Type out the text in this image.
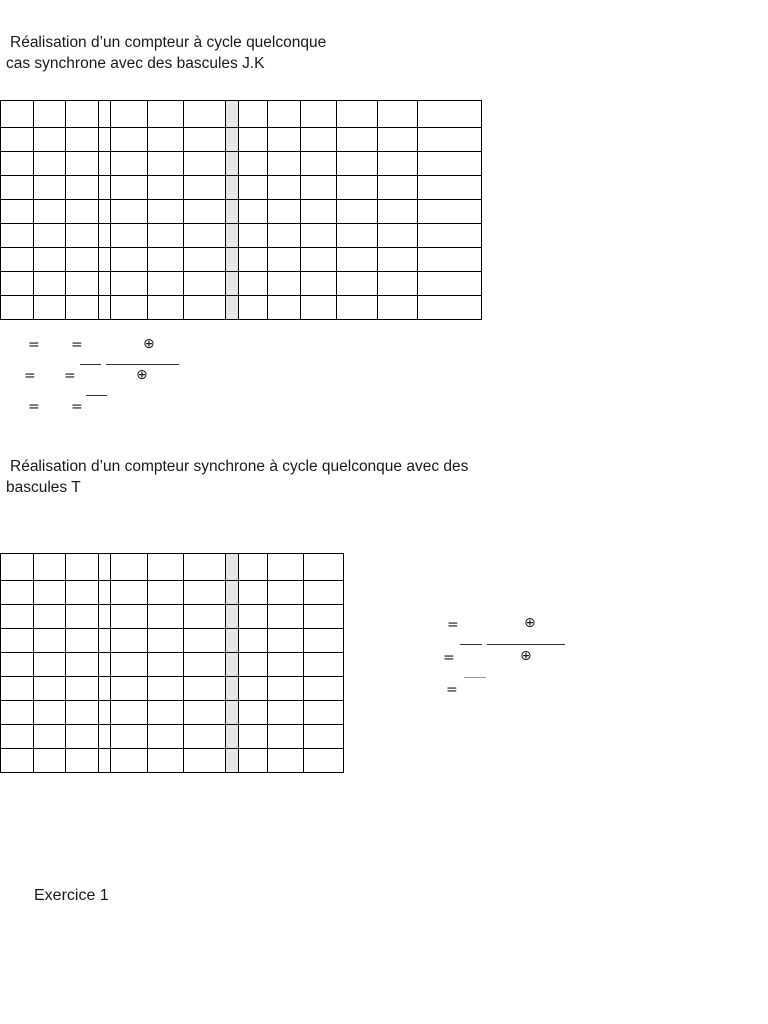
Réalisation d’un compteur à cycle quelconque
cas synchrone avec des bascules J.K

= =	⊕
= =	⊕
= =
Réalisation d’un compteur synchrone à cycle quelconque avec des
bascules T

=	⊕
=	⊕
=
Exercice 1
